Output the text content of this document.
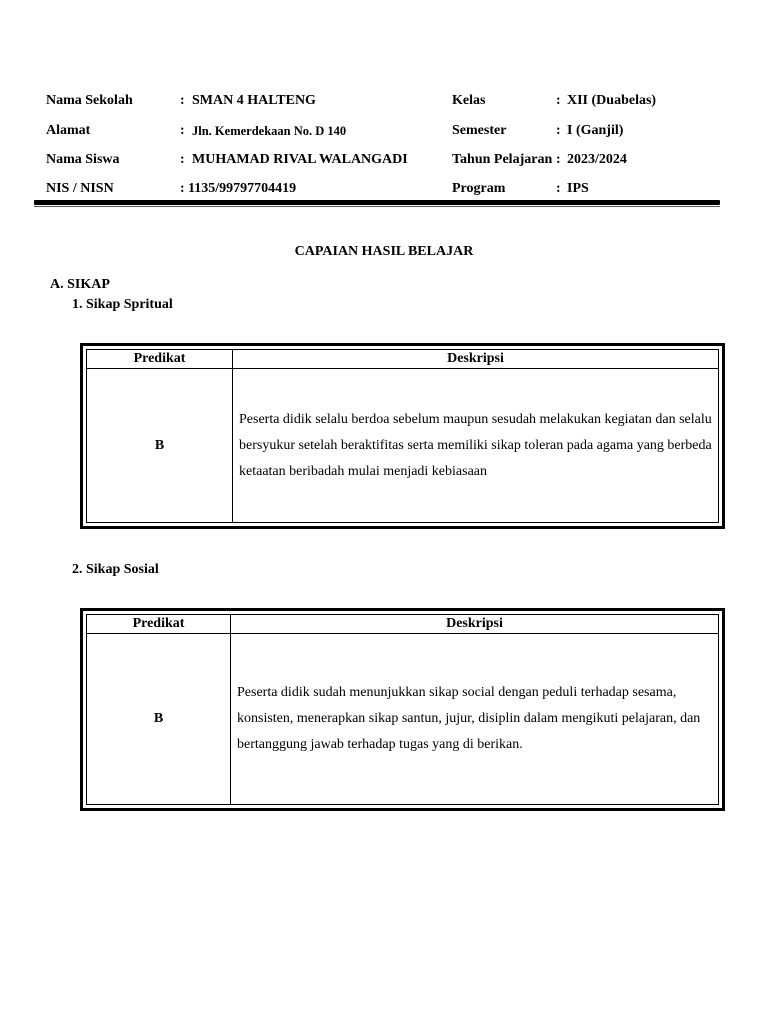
Nama Sekolah	: SMAN 4 HALTENG
Alamat	: Jln. Kemerdekaan No. D 140
Nama Siswa	: MUHAMAD RIVAL WALANGADI
NIS / NISN	: 1135/99797704419
Kelas	: XII (Duabelas)
Semester	: I (Ganjil)
Tahun Pelajaran : 2023/2024
Program	: IPS
CAPAIAN HASIL BELAJAR
A. SIKAP
1. Sikap Spritual
Predikat	Deskripsi
B	Peserta didik selalu berdoa sebelum maupun sesudah melakukan kegiatan dan selalu bersyukur setelah beraktifitas serta memiliki sikap toleran pada agama yang berbeda ketaatan beribadah mulai menjadi kebiasaan
2. Sikap Sosial
Predikat	Deskripsi
B	Peserta didik sudah menunjukkan sikap social dengan peduli terhadap sesama, konsisten, menerapkan sikap santun, jujur, disiplin dalam mengikuti pelajaran, dan bertanggung jawab terhadap tugas yang di berikan.
